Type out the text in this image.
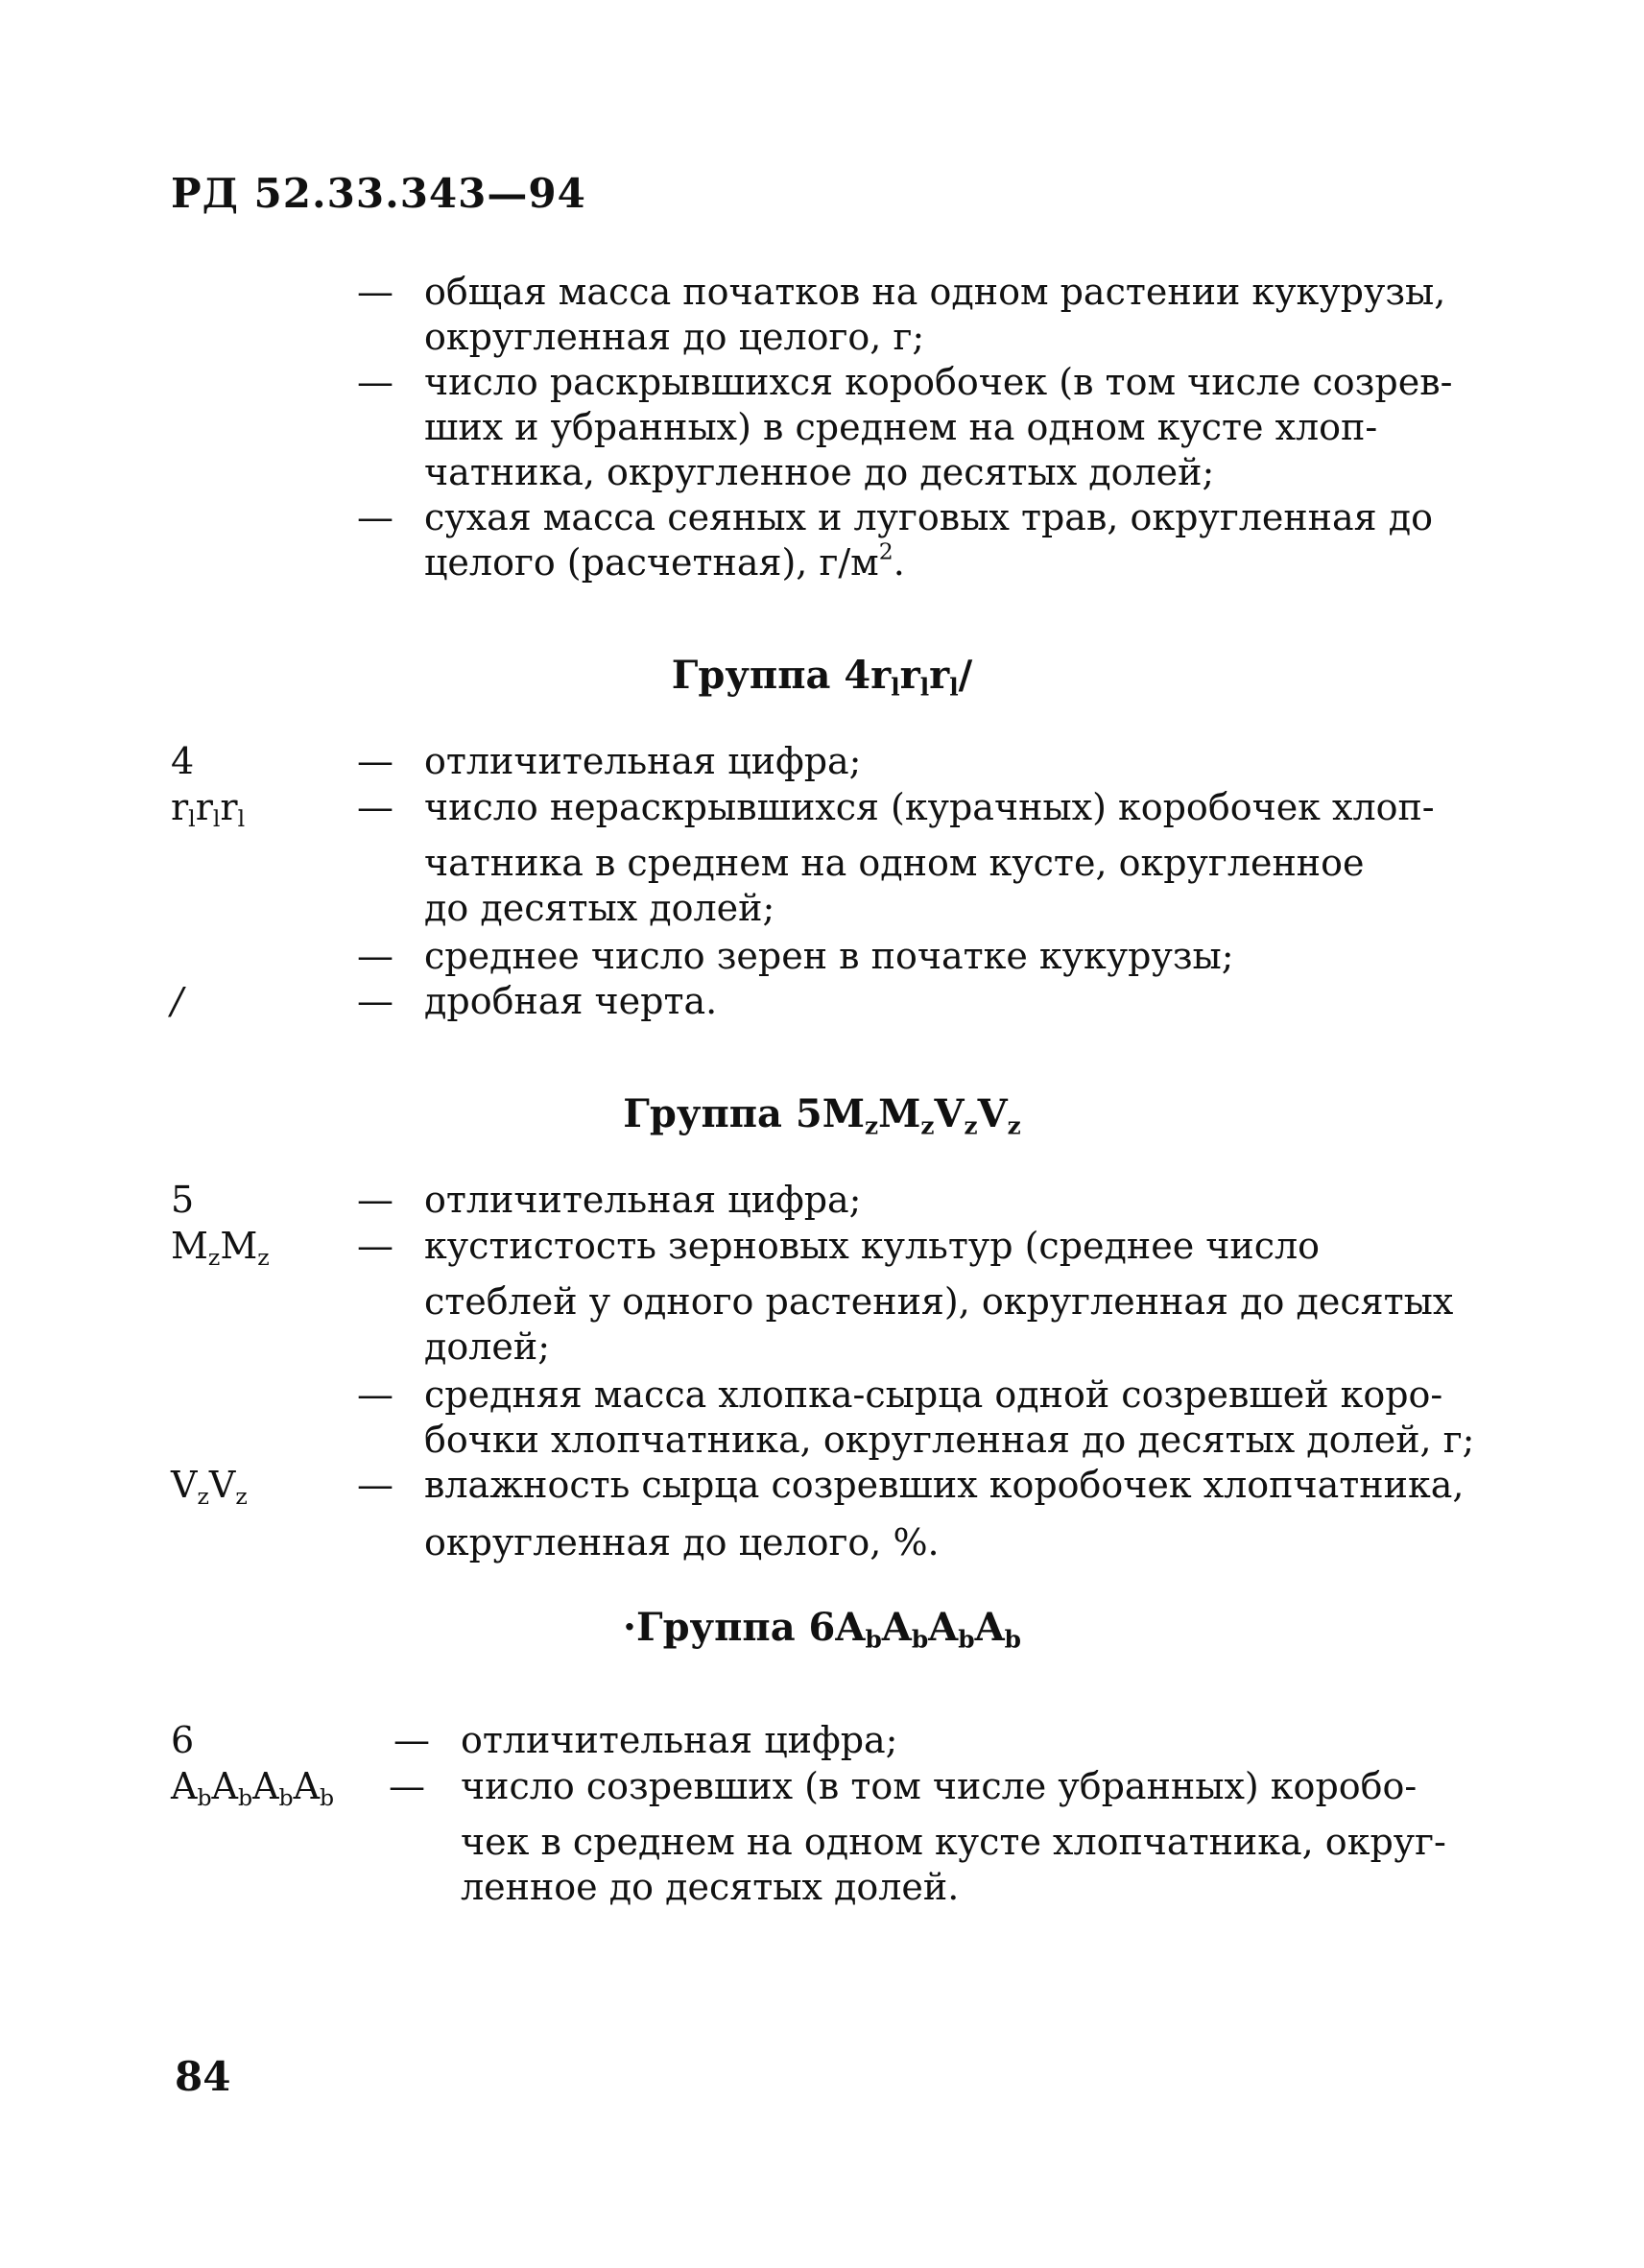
РД 52.33.343—94
— общая масса початков на одном растении кукурузы,
округленная до целого, г;
— число раскрывшихся коробочек (в том числе созрев-
ших и убранных) в среднем на одном кусте хлоп-
чатника, округленное до десятых долей;
— сухая масса сеяных и луговых трав, округленная до
целого (расчетная), $г/м^2$.
Группа $4r_lr_lr_l/$
4	— отличительная цифра;
$r_lr_lr_l$	— число нераскрывшихся (курачных) коробочек хлоп-
чатника в среднем на одном кусте, округленное
до десятых долей;
— среднее число зерен в початке кукурузы;
/	— дробная черта.
Группа $5M_zM_zV_zV_z$
5	— отличительная цифра;
$M_zM_z$ — кустистость зерновых культур (среднее число
стеблей у одного растения), округленная до десятых
долей;
— средняя масса хлопка-сырца одной созревшей коро-
бочки хлопчатника, округленная до десятых долей, г;
$V_zV_z$	— влажность сырца созревших коробочек хлопчатника,
округленная до целого, %.
·Группа $6A_bA_bA_bA_b$
6	— отличительная цифра;
$A_bA_bA_bA_b$ — число созревших (в том числе убранных) коробо-
чек в среднем на одном кусте хлопчатника, округ-
ленное до десятых долей.
84
